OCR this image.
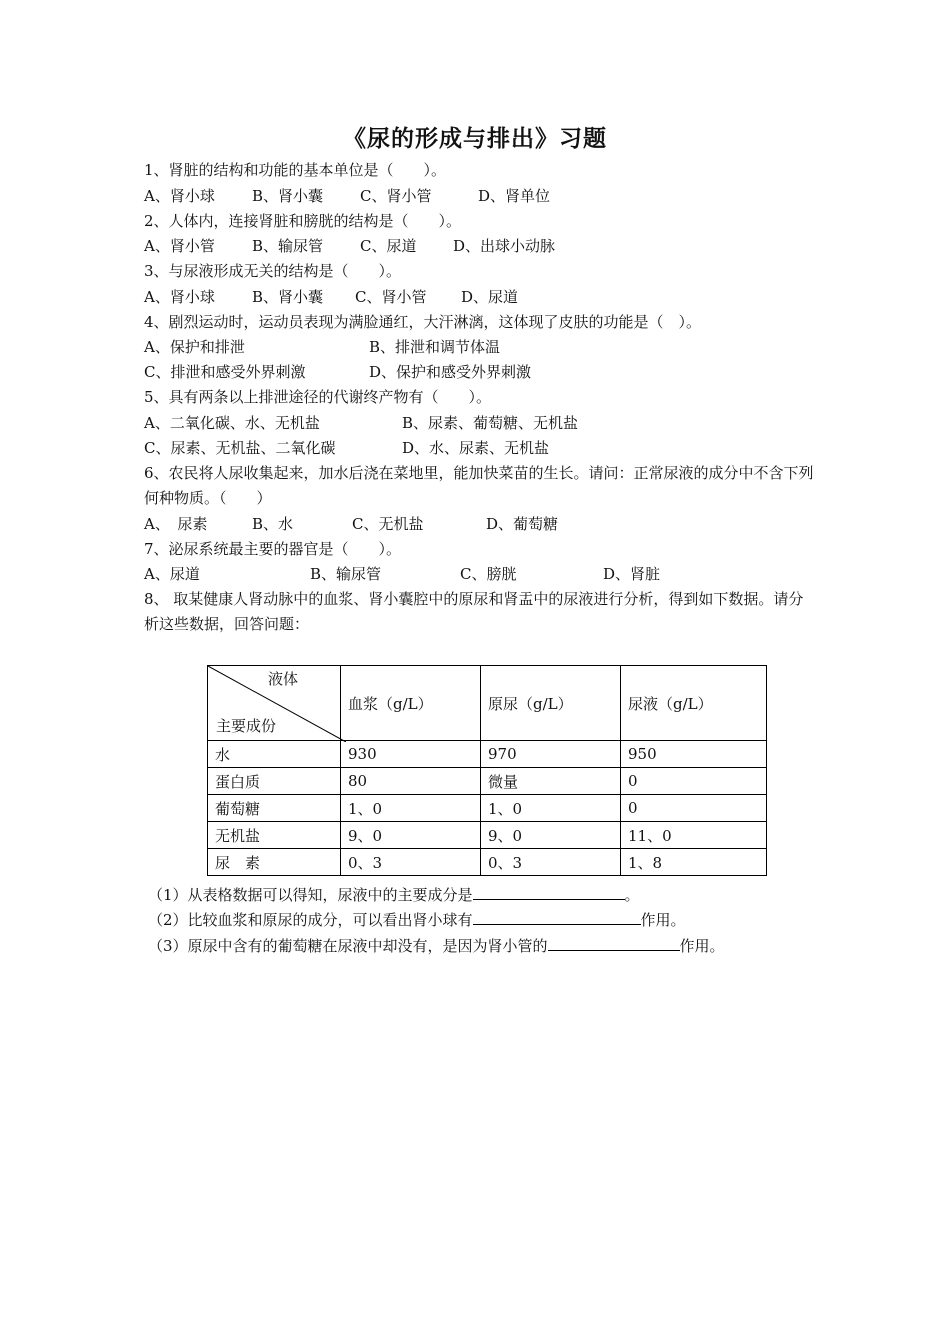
《尿的形成与排出》习题
1、肾脏的结构和功能的基本单位是（　　）。
A、肾小球 B、肾小囊 C、肾小管	D、肾单位
2、人体内，连接肾脏和膀胱的结构是（　　）。
A、肾小管 B、输尿管 C、尿道 D、出球小动脉
3、与尿液形成无关的结构是（　　）。
A、肾小球 B、肾小囊 C、肾小管 D、尿道
4、剧烈运动时，运动员表现为满脸通红，大汗淋漓，这体现了皮肤的功能是（　）。
A、保护和排泄	B、排泄和调节体温
C、排泄和感受外界刺激	D、保护和感受外界刺激
5、具有两条以上排泄途径的代谢终产物有（　　）。
A、二氧化碳、水、无机盐	B、尿素、葡萄糖、无机盐
C、尿素、无机盐、二氧化碳	D、水、尿素、无机盐
6、农民将人尿收集起来，加水后浇在菜地里，能加快菜苗的生长。请问：正常尿液的成分中不含下列何种物质。（　　）
A、　尿素	B、水	C、无机盐	D、葡萄糖
7、泌尿系统最主要的器官是（　　）。
A、尿道	B、输尿管	C、膀胱	D、肾脏
8、 取某健康人肾动脉中的血浆、肾小囊腔中的原尿和肾盂中的尿液进行分析，得到如下数据。请分析这些数据，回答问题：
液体
主要成份	血浆（g/L）	原尿（g/L）	尿液（g/L）
水	930	970	950
蛋白质	80	微量	0
葡萄糖	1、0	1、0	0
无机盐	9、0	9、0	11、0
尿　素	0、3	0、3	1、8
（1）从表格数据可以得知，尿液中的主要成分是	。
（2）比较血浆和原尿的成分，可以看出肾小球有	作用。
（3）原尿中含有的葡萄糖在尿液中却没有，是因为肾小管的	作用。
